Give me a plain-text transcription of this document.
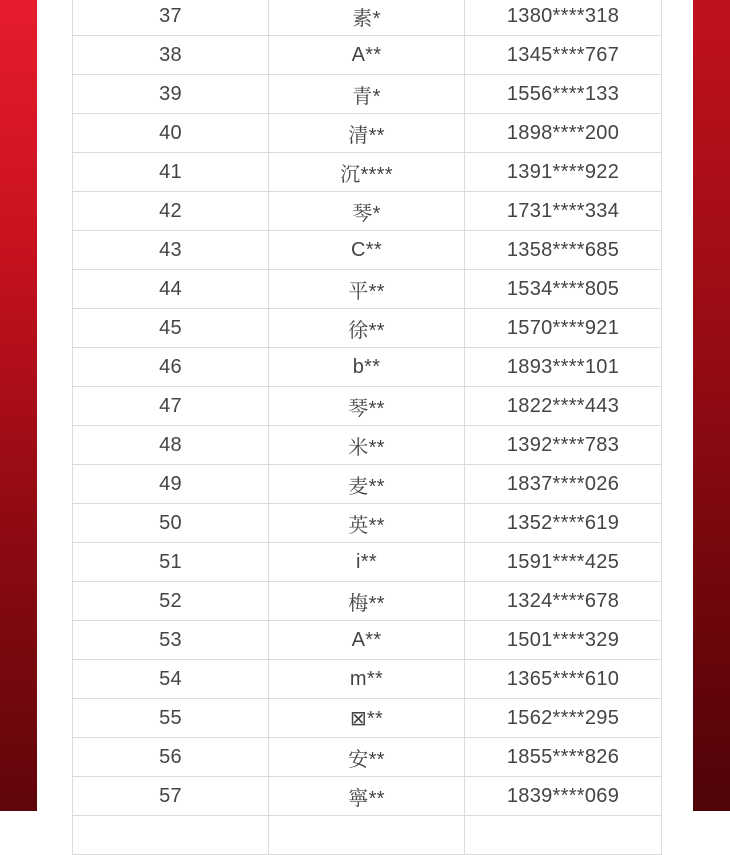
37	素*	1380****318
38	A**	1345****767
39	青*	1556****133
40	清**	1898****200
41	沉****	1391****922
42	琴*	1731****334
43	C**	1358****685
44	平**	1534****805
45	徐**	1570****921
46	b**	1893****101
47	琴**	1822****443
48	米**	1392****783
49	麦**	1837****026
50	英**	1352****619
51	i**	1591****425
52	梅**	1324****678
53	A**	1501****329
54	m**	1365****610
55	⊠**	1562****295
56	安**	1855****826
57	寧**	1839****069
